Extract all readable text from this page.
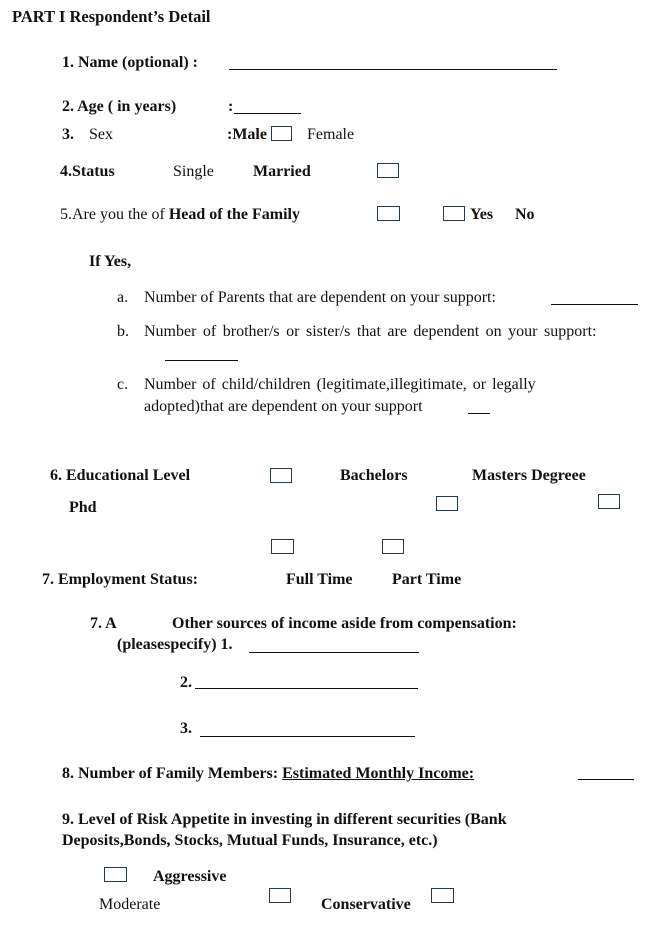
PART I Respondent’s Detail
1. Name (optional) :
2. Age ( in years)	:
3. Sex	:Male	Female
4.Status	Single Married
5.Are you the of Head of the Family	Yes No
If Yes,
a. Number of Parents that are dependent on your support:
b. Number of brother/s or sister/s that are dependent on your support:
c. Number of child/children (legitimate,illegitimate, or legally
adopted)that are dependent on your support
6. Educational Level	Bachelors	Masters Degreee
Phd
7. Employment Status:	Full Time Part Time
7. A	Other sources of income aside from compensation:
(pleasespecify) 1.
2.
3.
8. Number of Family Members: Estimated Monthly Income:
9. Level of Risk Appetite in investing in different securities (Bank
Deposits,Bonds, Stocks, Mutual Funds, Insurance, etc.)
Aggressive
Moderate	Conservative
